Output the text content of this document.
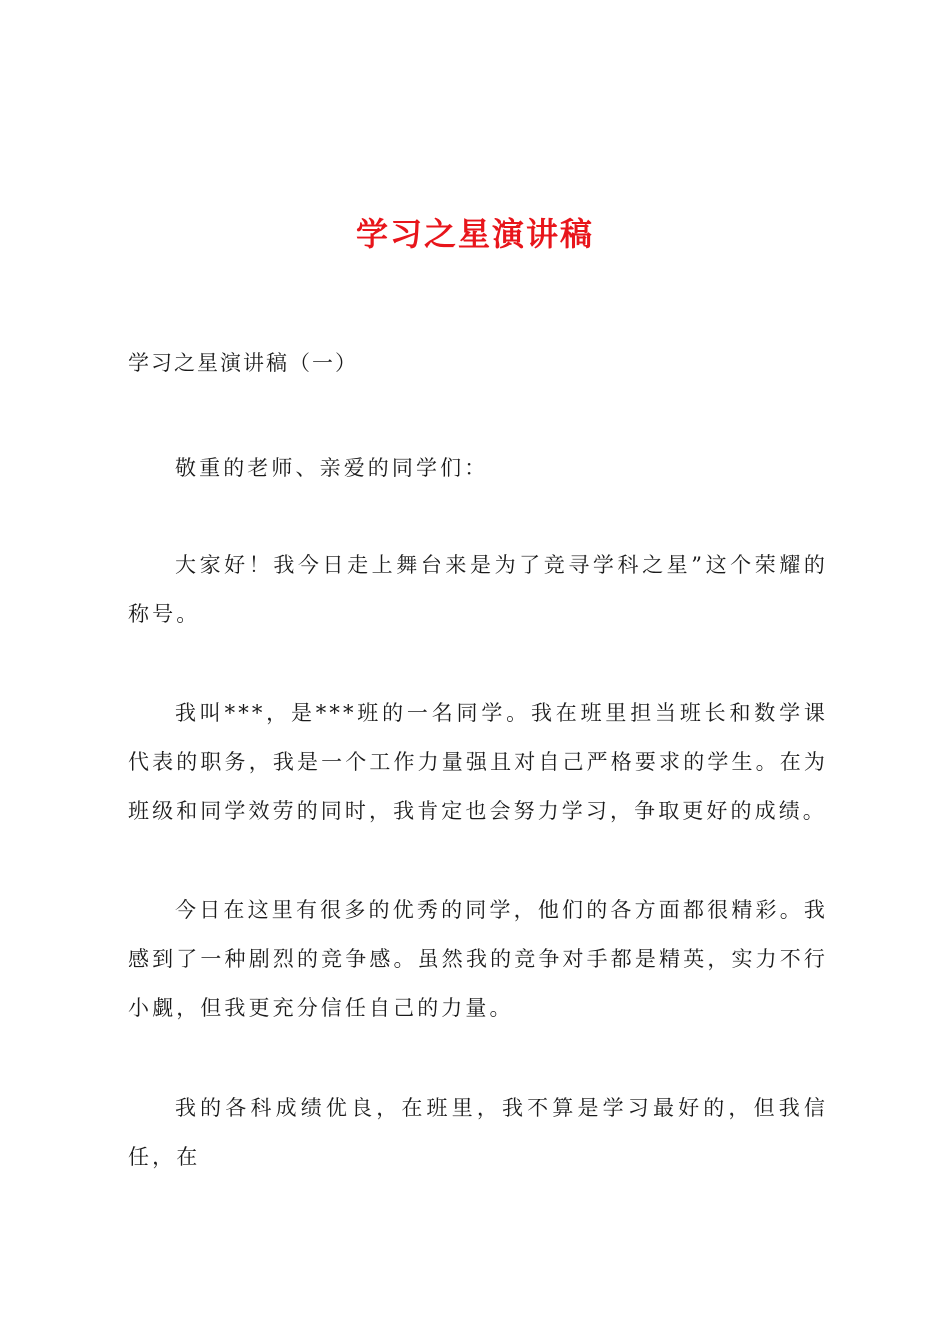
学习之星演讲稿
学习之星演讲稿（一）

敬重的老师、亲爱的同学们：

大家好！我今日走上舞台来是为了竞寻学科之星”这个荣耀的称号。

我叫***，是***班的一名同学。我在班里担当班长和数学课代表的职务，我是一个工作力量强且对自己严格要求的学生。在为班级和同学效劳的同时，我肯定也会努力学习，争取更好的成绩。

今日在这里有很多的优秀的同学，他们的各方面都很精彩。我感到了一种剧烈的竞争感。虽然我的竞争对手都是精英，实力不行小觑，但我更充分信任自己的力量。

我的各科成绩优良，在班里，我不算是学习最好的，但我信任，在
